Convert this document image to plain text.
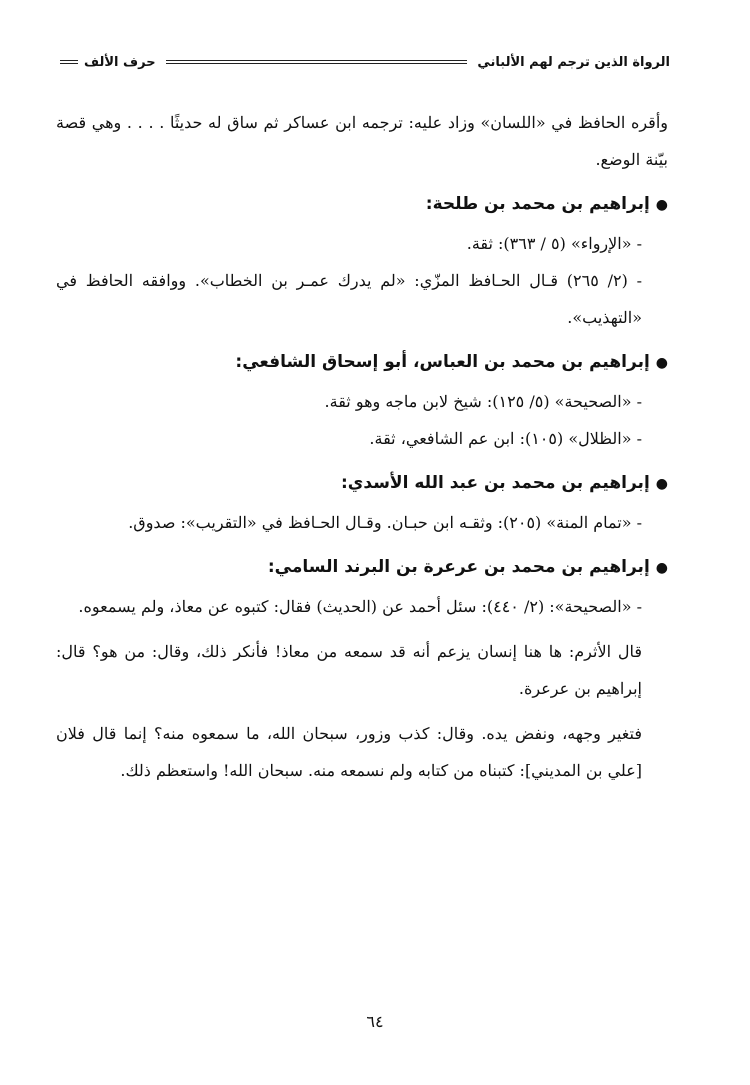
الرواة الذين ترجم لهم الألباني
حرف الألف

وأقره الحافظ في «اللسان» وزاد عليه: ترجمه ابن عساكر ثم ساق له حديثًا . . . . وهي قصة بيّنة الوضع.

●إبراهيم بن محمد بن طلحة:

- «الإرواء» (٥ / ٣٦٣): ثقة.

- (٢/ ٢٦٥) قـال الحـافظ المزّي: «لم يدرك عمـر بن الخطاب». ووافقه الحافظ في «التهذيب».

●إبراهيم بن محمد بن العباس، أبو إسحاق الشافعي:

- «الصحيحة» (٥/ ١٢٥): شيخ لابن ماجه وهو ثقة.

- «الظلال» (١٠٥): ابن عم الشافعي، ثقة.

●إبراهيم بن محمد بن عبد الله الأسدي:

- «تمام المنة» (٢٠٥): وثقـه ابن حبـان. وقـال الحـافظ في «التقريب»: صدوق.

●إبراهيم بن محمد بن عرعرة بن البرند السامي:

- «الصحيحة»: (٢/ ٤٤٠): سئل أحمد عن (الحديث) فقال: كتبوه عن معاذ، ولم يسمعوه.

قال الأثرم: ها هنا إنسان يزعم أنه قد سمعه من معاذ! فأنكر ذلك، وقال: من هو؟ قال: إبراهيم بن عرعرة.

فتغير وجهه، ونفض يده. وقال: كذب وزور، سبحان الله، ما سمعوه منه؟ إنما قال فلان [علي بن المديني]: كتبناه من كتابه ولم نسمعه منه. سبحان الله! واستعظم ذلك.

٦٤
